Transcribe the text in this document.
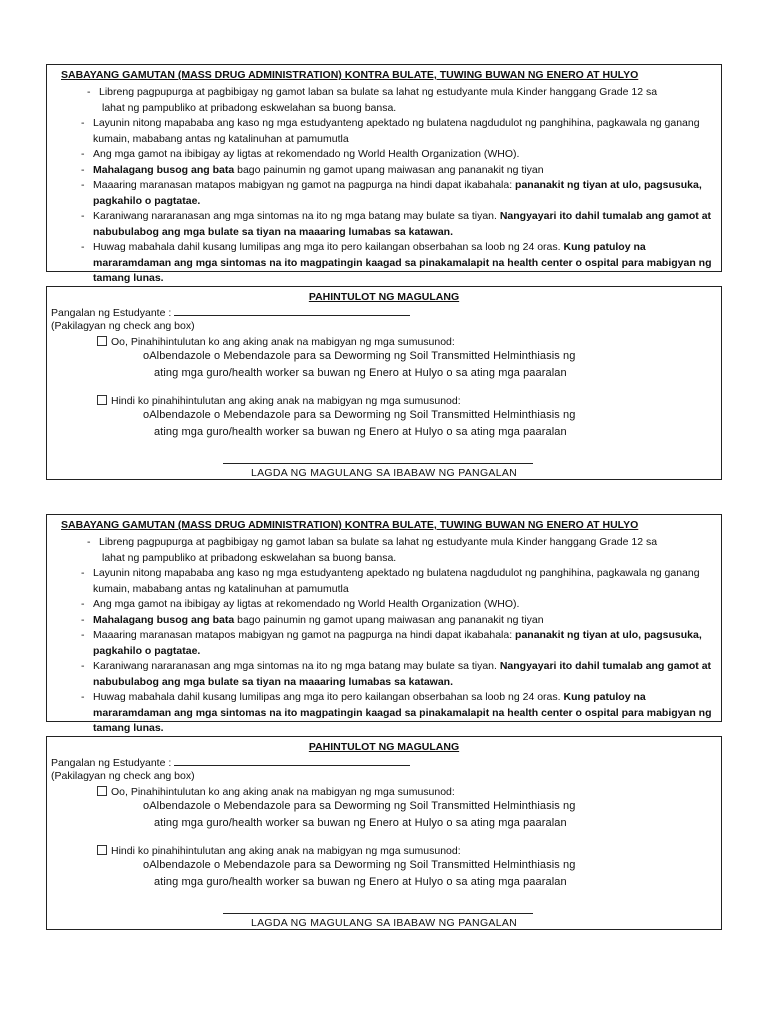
SABAYANG GAMUTAN (MASS DRUG ADMINISTRATION) KONTRA BULATE, TUWING BUWAN NG ENERO AT HULYO
- Libreng pagpupurga at pagbibigay ng gamot laban sa bulate sa lahat ng estudyante mula Kinder hanggang Grade 12 sa
lahat ng pampubliko at pribadong eskwelahan sa buong bansa.
- Layunin nitong mapababa ang kaso ng mga estudyanteng apektado ng bulatena nagdudulot ng panghihina, pagkawala ng ganang kumain, mababang antas ng katalinuhan at pamumutla
- Ang mga gamot na ibibigay ay ligtas at rekomendado ng World Health Organization (WHO).
- Mahalagang busog ang bata bago painumin ng gamot upang maiwasan ang pananakit ng tiyan
- Maaaring maranasan matapos mabigyan ng gamot na pagpurga na hindi dapat ikabahala: pananakit ng tiyan at ulo, pagsusuka, pagkahilo o pagtatae.
- Karaniwang nararanasan ang mga sintomas na ito ng mga batang may bulate sa tiyan. Nangyayari ito dahil tumalab ang gamot at nabubulabog ang mga bulate sa tiyan na maaaring lumabas sa katawan.
- Huwag mabahala dahil kusang lumilipas ang mga ito pero kailangan obserbahan sa loob ng 24 oras. Kung patuloy na mararamdaman ang mga sintomas na ito magpatingin kaagad sa pinakamalapit na health center o ospital para mabigyan ng tamang lunas.
PAHINTULOT NG MAGULANG
Pangalan ng Estudyante :
(Pakilagyan ng check ang box)
Oo, Pinahihintulutan ko ang aking anak na mabigyan ng mga sumusunod:
oAlbendazole o Mebendazole para sa Deworming ng Soil Transmitted Helminthiasis ng
ating mga guro/health worker sa buwan ng Enero at Hulyo o sa ating mga paaralan
Hindi ko pinahihintulutan ang aking anak na mabigyan ng mga sumusunod:
oAlbendazole o Mebendazole para sa Deworming ng Soil Transmitted Helminthiasis ng
ating mga guro/health worker sa buwan ng Enero at Hulyo o sa ating mga paaralan
LAGDA NG MAGULANG SA IBABAW NG PANGALAN
SABAYANG GAMUTAN (MASS DRUG ADMINISTRATION) KONTRA BULATE, TUWING BUWAN NG ENERO AT HULYO
- Libreng pagpupurga at pagbibigay ng gamot laban sa bulate sa lahat ng estudyante mula Kinder hanggang Grade 12 sa
lahat ng pampubliko at pribadong eskwelahan sa buong bansa.
- Layunin nitong mapababa ang kaso ng mga estudyanteng apektado ng bulatena nagdudulot ng panghihina, pagkawala ng ganang kumain, mababang antas ng katalinuhan at pamumutla
- Ang mga gamot na ibibigay ay ligtas at rekomendado ng World Health Organization (WHO).
- Mahalagang busog ang bata bago painumin ng gamot upang maiwasan ang pananakit ng tiyan
- Maaaring maranasan matapos mabigyan ng gamot na pagpurga na hindi dapat ikabahala: pananakit ng tiyan at ulo, pagsusuka, pagkahilo o pagtatae.
- Karaniwang nararanasan ang mga sintomas na ito ng mga batang may bulate sa tiyan. Nangyayari ito dahil tumalab ang gamot at nabubulabog ang mga bulate sa tiyan na maaaring lumabas sa katawan.
- Huwag mabahala dahil kusang lumilipas ang mga ito pero kailangan obserbahan sa loob ng 24 oras. Kung patuloy na mararamdaman ang mga sintomas na ito magpatingin kaagad sa pinakamalapit na health center o ospital para mabigyan ng tamang lunas.
PAHINTULOT NG MAGULANG
Pangalan ng Estudyante :
(Pakilagyan ng check ang box)
Oo, Pinahihintulutan ko ang aking anak na mabigyan ng mga sumusunod:
oAlbendazole o Mebendazole para sa Deworming ng Soil Transmitted Helminthiasis ng
ating mga guro/health worker sa buwan ng Enero at Hulyo o sa ating mga paaralan
Hindi ko pinahihintulutan ang aking anak na mabigyan ng mga sumusunod:
oAlbendazole o Mebendazole para sa Deworming ng Soil Transmitted Helminthiasis ng
ating mga guro/health worker sa buwan ng Enero at Hulyo o sa ating mga paaralan
LAGDA NG MAGULANG SA IBABAW NG PANGALAN
